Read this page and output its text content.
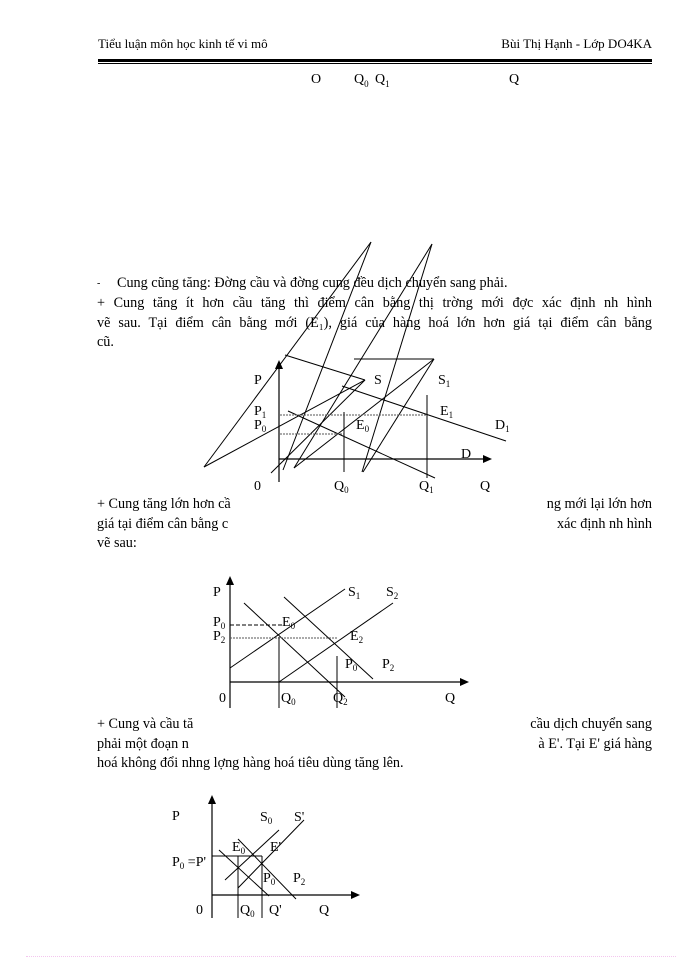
Tiểu luận môn học kinh tế vi mô	Bùi Thị Hạnh - Lớp DO4KA
O $Q_0$ $Q_1$	Q
- Cung cũng tăng: Đờng cầu và đờng cung đều dịch chuyển sang phải.
+ Cung tăng ít hơn cầu tăng thì điểm cân bằng thị trờng mới đợc xác định nh hình
vẽ sau. Tại điểm cân bằng mới (E₁), giá của hàng hoá lớn hơn giá tại điểm cân bằng
cũ.
+ Cung tăng lớn hơn cầ	ng mới lại lớn hơn
giá tại điểm cân bằng c	xác định nh hình
vẽ sau:
+ Cung và cầu tă	cầu dịch chuyển sang
phải một đoạn n	à E'. Tại E' giá hàng
hoá không đổi nhng lợng hàng hoá tiêu dùng tăng lên.
P	S	$S_1$
$P_1$	$E_1$
$P_0$	$E_0$	$D_1$
D
0	$Q_0$	$Q_1$	Q
P	$S_1$ $S_2$
$P_0$	$E_0$
$P_2$	$E_2$
$P_0$ $P_2$
0	$Q_0$	$Q_2$	Q
P	$S_0$ S'
$E_0$ E'
$P_0 =P'$
$P_0$ $P_2$
0	$Q_0$ Q'	Q
